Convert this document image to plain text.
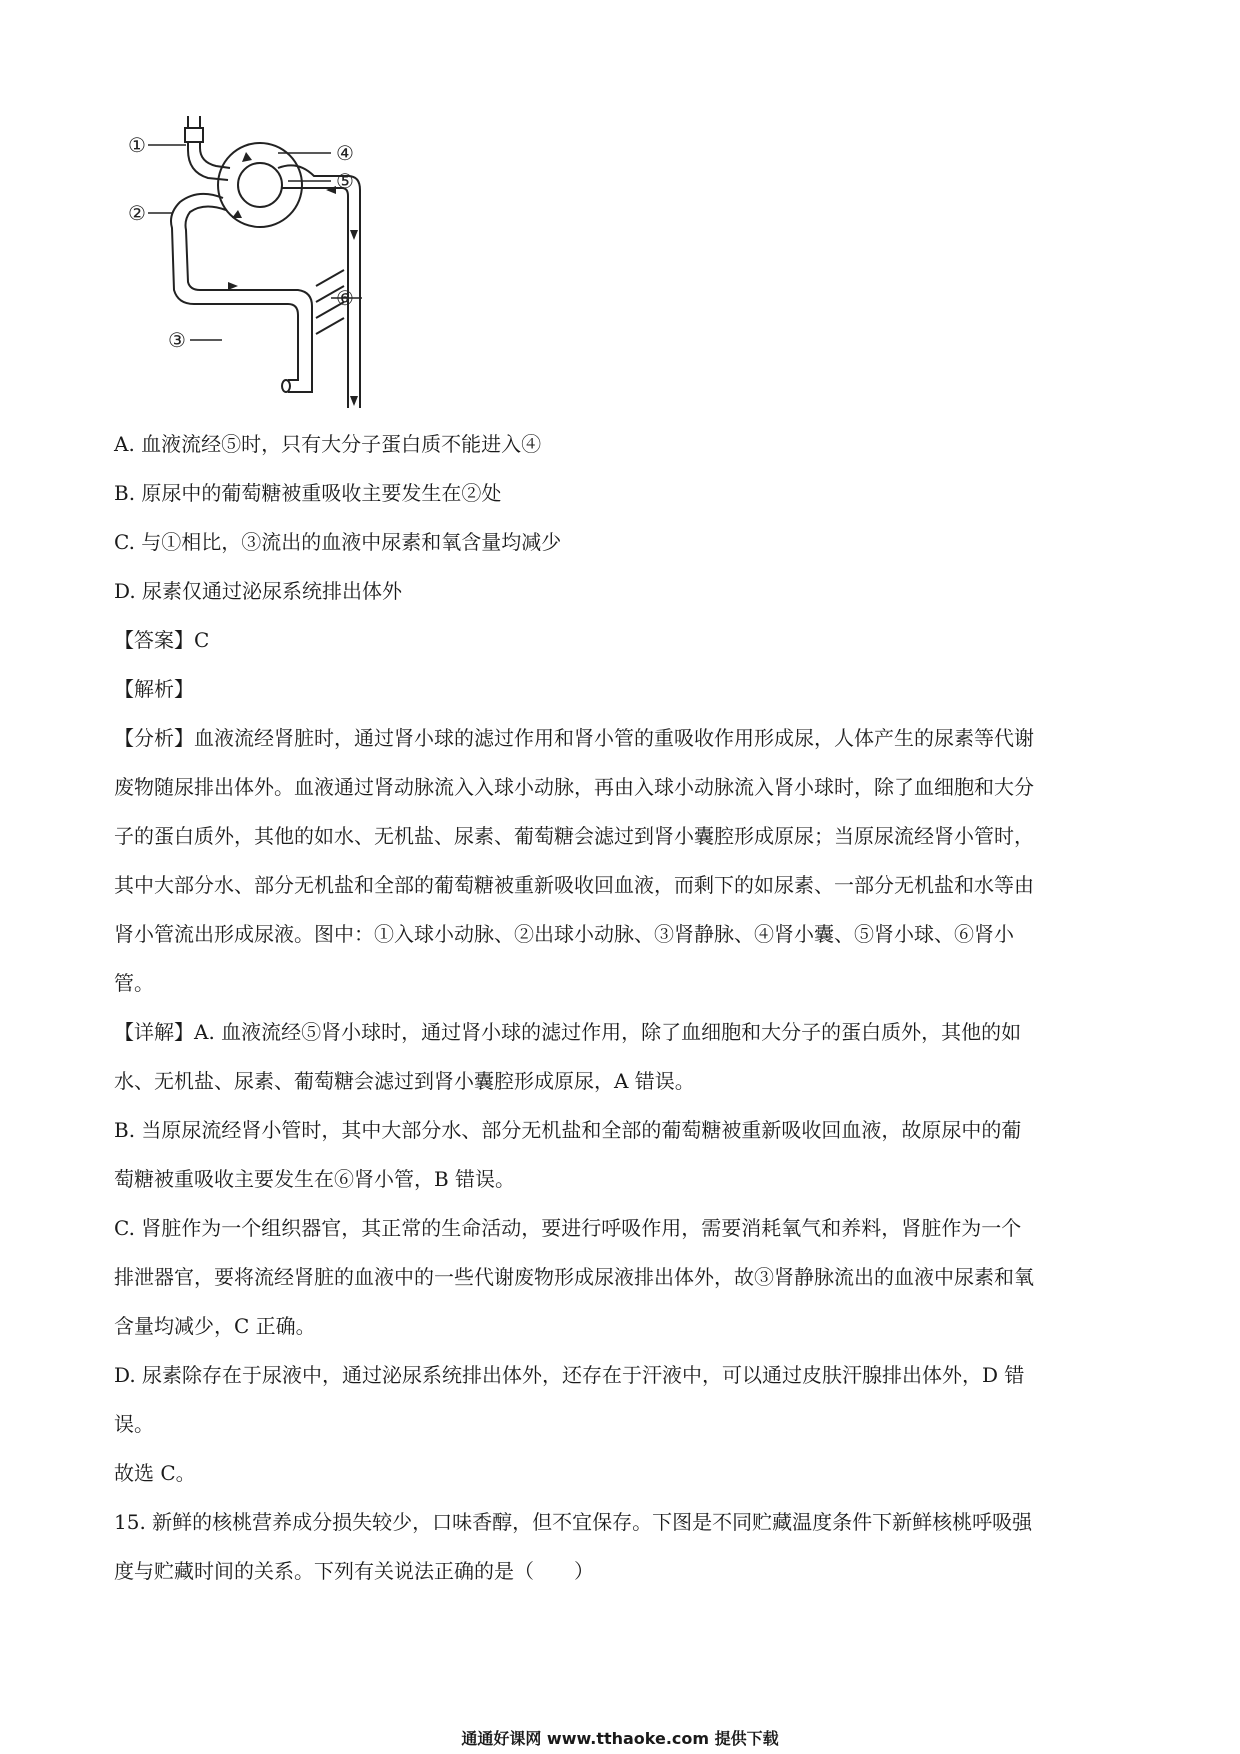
①
②
③
④
⑤
⑥

A. 血液流经⑤时，只有大分子蛋白质不能进入④

B. 原尿中的葡萄糖被重吸收主要发生在②处

C. 与①相比，③流出的血液中尿素和氧含量均减少

D. 尿素仅通过泌尿系统排出体外

【答案】C

【解析】

【分析】血液流经肾脏时，通过肾小球的滤过作用和肾小管的重吸收作用形成尿，人体产生的尿素等代谢

废物随尿排出体外。血液通过肾动脉流入入球小动脉，再由入球小动脉流入肾小球时，除了血细胞和大分

子的蛋白质外，其他的如水、无机盐、尿素、葡萄糖会滤过到肾小囊腔形成原尿；当原尿流经肾小管时，

其中大部分水、部分无机盐和全部的葡萄糖被重新吸收回血液，而剩下的如尿素、一部分无机盐和水等由

肾小管流出形成尿液。图中：①入球小动脉、②出球小动脉、③肾静脉、④肾小囊、⑤肾小球、⑥肾小

管。

【详解】A. 血液流经⑤肾小球时，通过肾小球的滤过作用，除了血细胞和大分子的蛋白质外，其他的如

水、无机盐、尿素、葡萄糖会滤过到肾小囊腔形成原尿，A 错误。

B. 当原尿流经肾小管时，其中大部分水、部分无机盐和全部的葡萄糖被重新吸收回血液，故原尿中的葡

萄糖被重吸收主要发生在⑥肾小管，B 错误。

C. 肾脏作为一个组织器官，其正常的生命活动，要进行呼吸作用，需要消耗氧气和养料，肾脏作为一个

排泄器官，要将流经肾脏的血液中的一些代谢废物形成尿液排出体外，故③肾静脉流出的血液中尿素和氧

含量均减少，C 正确。

D. 尿素除存在于尿液中，通过泌尿系统排出体外，还存在于汗液中，可以通过皮肤汗腺排出体外，D 错

误。

故选 C。

15. 新鲜的核桃营养成分损失较少，口味香醇，但不宜保存。下图是不同贮藏温度条件下新鲜核桃呼吸强

度与贮藏时间的关系。下列有关说法正确的是（　　）

通通好课网 www.tthaoke.com 提供下载
